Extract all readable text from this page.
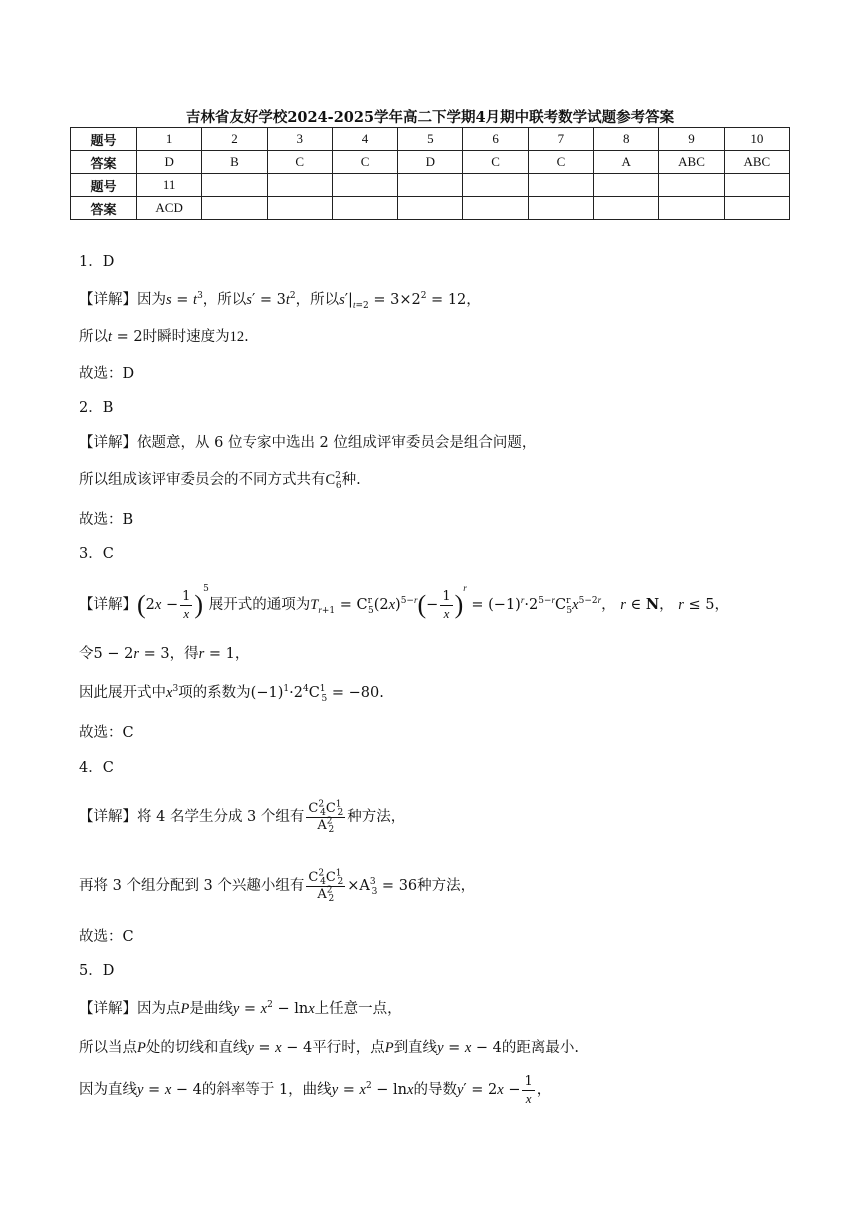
吉林省友好学校2024-2025学年高二下学期4月期中联考数学试题参考答案
题号	1	2	3	4	5	6	7	8	9	10
答案	D	B	C	C	D	C	C	A	ABC	ABC
题号	11									
答案	ACD									
1．D
【详解】因为$s = t^3$，所以$s' = 3t^2$，所以$s'|_{t=2} = 3\times 2^2 = 12$，
所以t = 2时瞬时速度为12.
故选：D
2．B
【详解】依题意，从 6 位专家中选出 2 位组成评审委员会是组合问题，
所以组成该评审委员会的不同方式共有$C^2_6$种.
故选：B
3．C
【详解】$(2x - \frac{1}{x} )^5$展开式的通项为$T_{r+1} = C^r_5(2x)^{5-r}(- \frac{1}{x} )^r = (-1)^r\cdot 2^{5-r}C^r_5x^{5-2r}$， r ∈ N， r ≤ 5，
令5 − 2r = 3，得r = 1，
因此展开式中$x^3$项的系数为$(-1)^1\cdot 2^4C^1_5 = -80$.
故选：C
4．C
【详解】将 4 名学生分成 3 个组有 $\frac{C^2_4C^1_2}{A^2_2}$ 种方法，
再将 3 个组分配到 3 个兴趣小组有 $\frac{C^2_4C^1_2}{A^2_2} \times A^3_3 = 36$种方法，
故选：C
5．D
【详解】因为点P是曲线$y = x^2 - \ln x$上任意一点，
所以当点P处的切线和直线y = x − 4平行时，点P到直线y = x − 4的距离最小.
因为直线y = x − 4的斜率等于 1，曲线$y = x^2 - \ln x$的导数$y' = 2x - \frac{1}{x}$ ，
